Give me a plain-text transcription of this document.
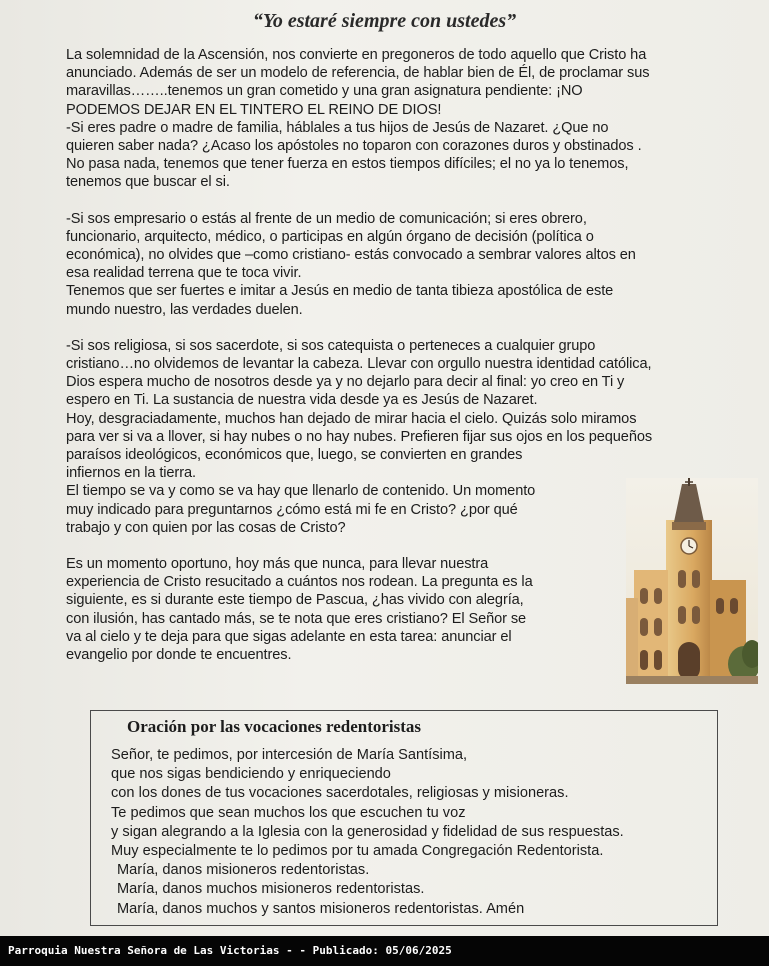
“Yo estaré siempre con ustedes”

La solemnidad de la Ascensión, nos convierte en pregoneros de todo aquello que Cristo ha

anunciado. Además de ser un modelo de referencia, de hablar bien de Él, de proclamar sus

maravillas……..tenemos un gran cometido y una gran asignatura pendiente: ¡NO

PODEMOS DEJAR EN EL TINTERO EL REINO DE DIOS!

-Si eres padre o madre de familia, háblales a tus hijos de Jesús de Nazaret. ¿Que no

quieren saber nada? ¿Acaso los apóstoles no toparon con corazones duros y obstinados .

No pasa nada, tenemos que tener fuerza en estos tiempos difíciles; el no ya lo tenemos,

tenemos que buscar el si.

-Si sos empresario o estás al frente de un medio de comunicación; si eres obrero,

funcionario, arquitecto, médico, o participas en algún órgano de decisión (política o

económica), no olvides que –como cristiano- estás convocado a sembrar valores altos en

esa realidad terrena que te toca vivir.

Tenemos que ser fuertes e imitar a Jesús en medio de tanta tibieza apostólica de este

mundo nuestro, las verdades duelen.

-Si sos religiosa, si sos sacerdote, si sos catequista o perteneces a cualquier grupo

cristiano…no olvidemos de levantar la cabeza. Llevar con orgullo nuestra identidad católica,

Dios espera mucho de nosotros desde ya y no dejarlo para decir al final: yo creo en Ti y

espero en Ti. La sustancia de nuestra vida desde ya es Jesús de Nazaret.

Hoy, desgraciadamente, muchos han dejado de mirar hacia el cielo. Quizás solo miramos

para ver si va a llover, si hay nubes o no hay nubes. Prefieren fijar sus ojos en los pequeños

paraísos ideológicos, económicos que, luego, se convierten en grandes

infiernos en la tierra.

El tiempo se va y como se va hay que llenarlo de contenido. Un momento

muy indicado para preguntarnos ¿cómo está mi fe en Cristo? ¿por qué

trabajo y con quien por las cosas de Cristo?

Es un momento oportuno, hoy más que nunca, para llevar nuestra

experiencia de Cristo resucitado a cuántos nos rodean. La pregunta es la

siguiente, es si durante este tiempo de Pascua, ¿has vivido con alegría,

con ilusión, has cantado más, se te nota que eres cristiano? El Señor se

va al cielo y te deja para que sigas adelante en esta tarea: anunciar el

evangelio por donde te encuentres.

Oración por las vocaciones redentoristas

Señor, te pedimos, por intercesión de María Santísima,

que nos sigas bendiciendo y enriqueciendo

con los dones de tus vocaciones sacerdotales, religiosas y misioneras.

Te pedimos que sean muchos los que escuchen tu voz

y sigan alegrando a la Iglesia con la generosidad y fidelidad de sus respuestas.

Muy especialmente te lo pedimos por tu amada Congregación Redentorista.

María, danos misioneros redentoristas.

María, danos muchos misioneros redentoristas.

María, danos muchos y santos misioneros redentoristas. Amén

Parroquia Nuestra Señora de Las Victorias - - Publicado: 05/06/2025
